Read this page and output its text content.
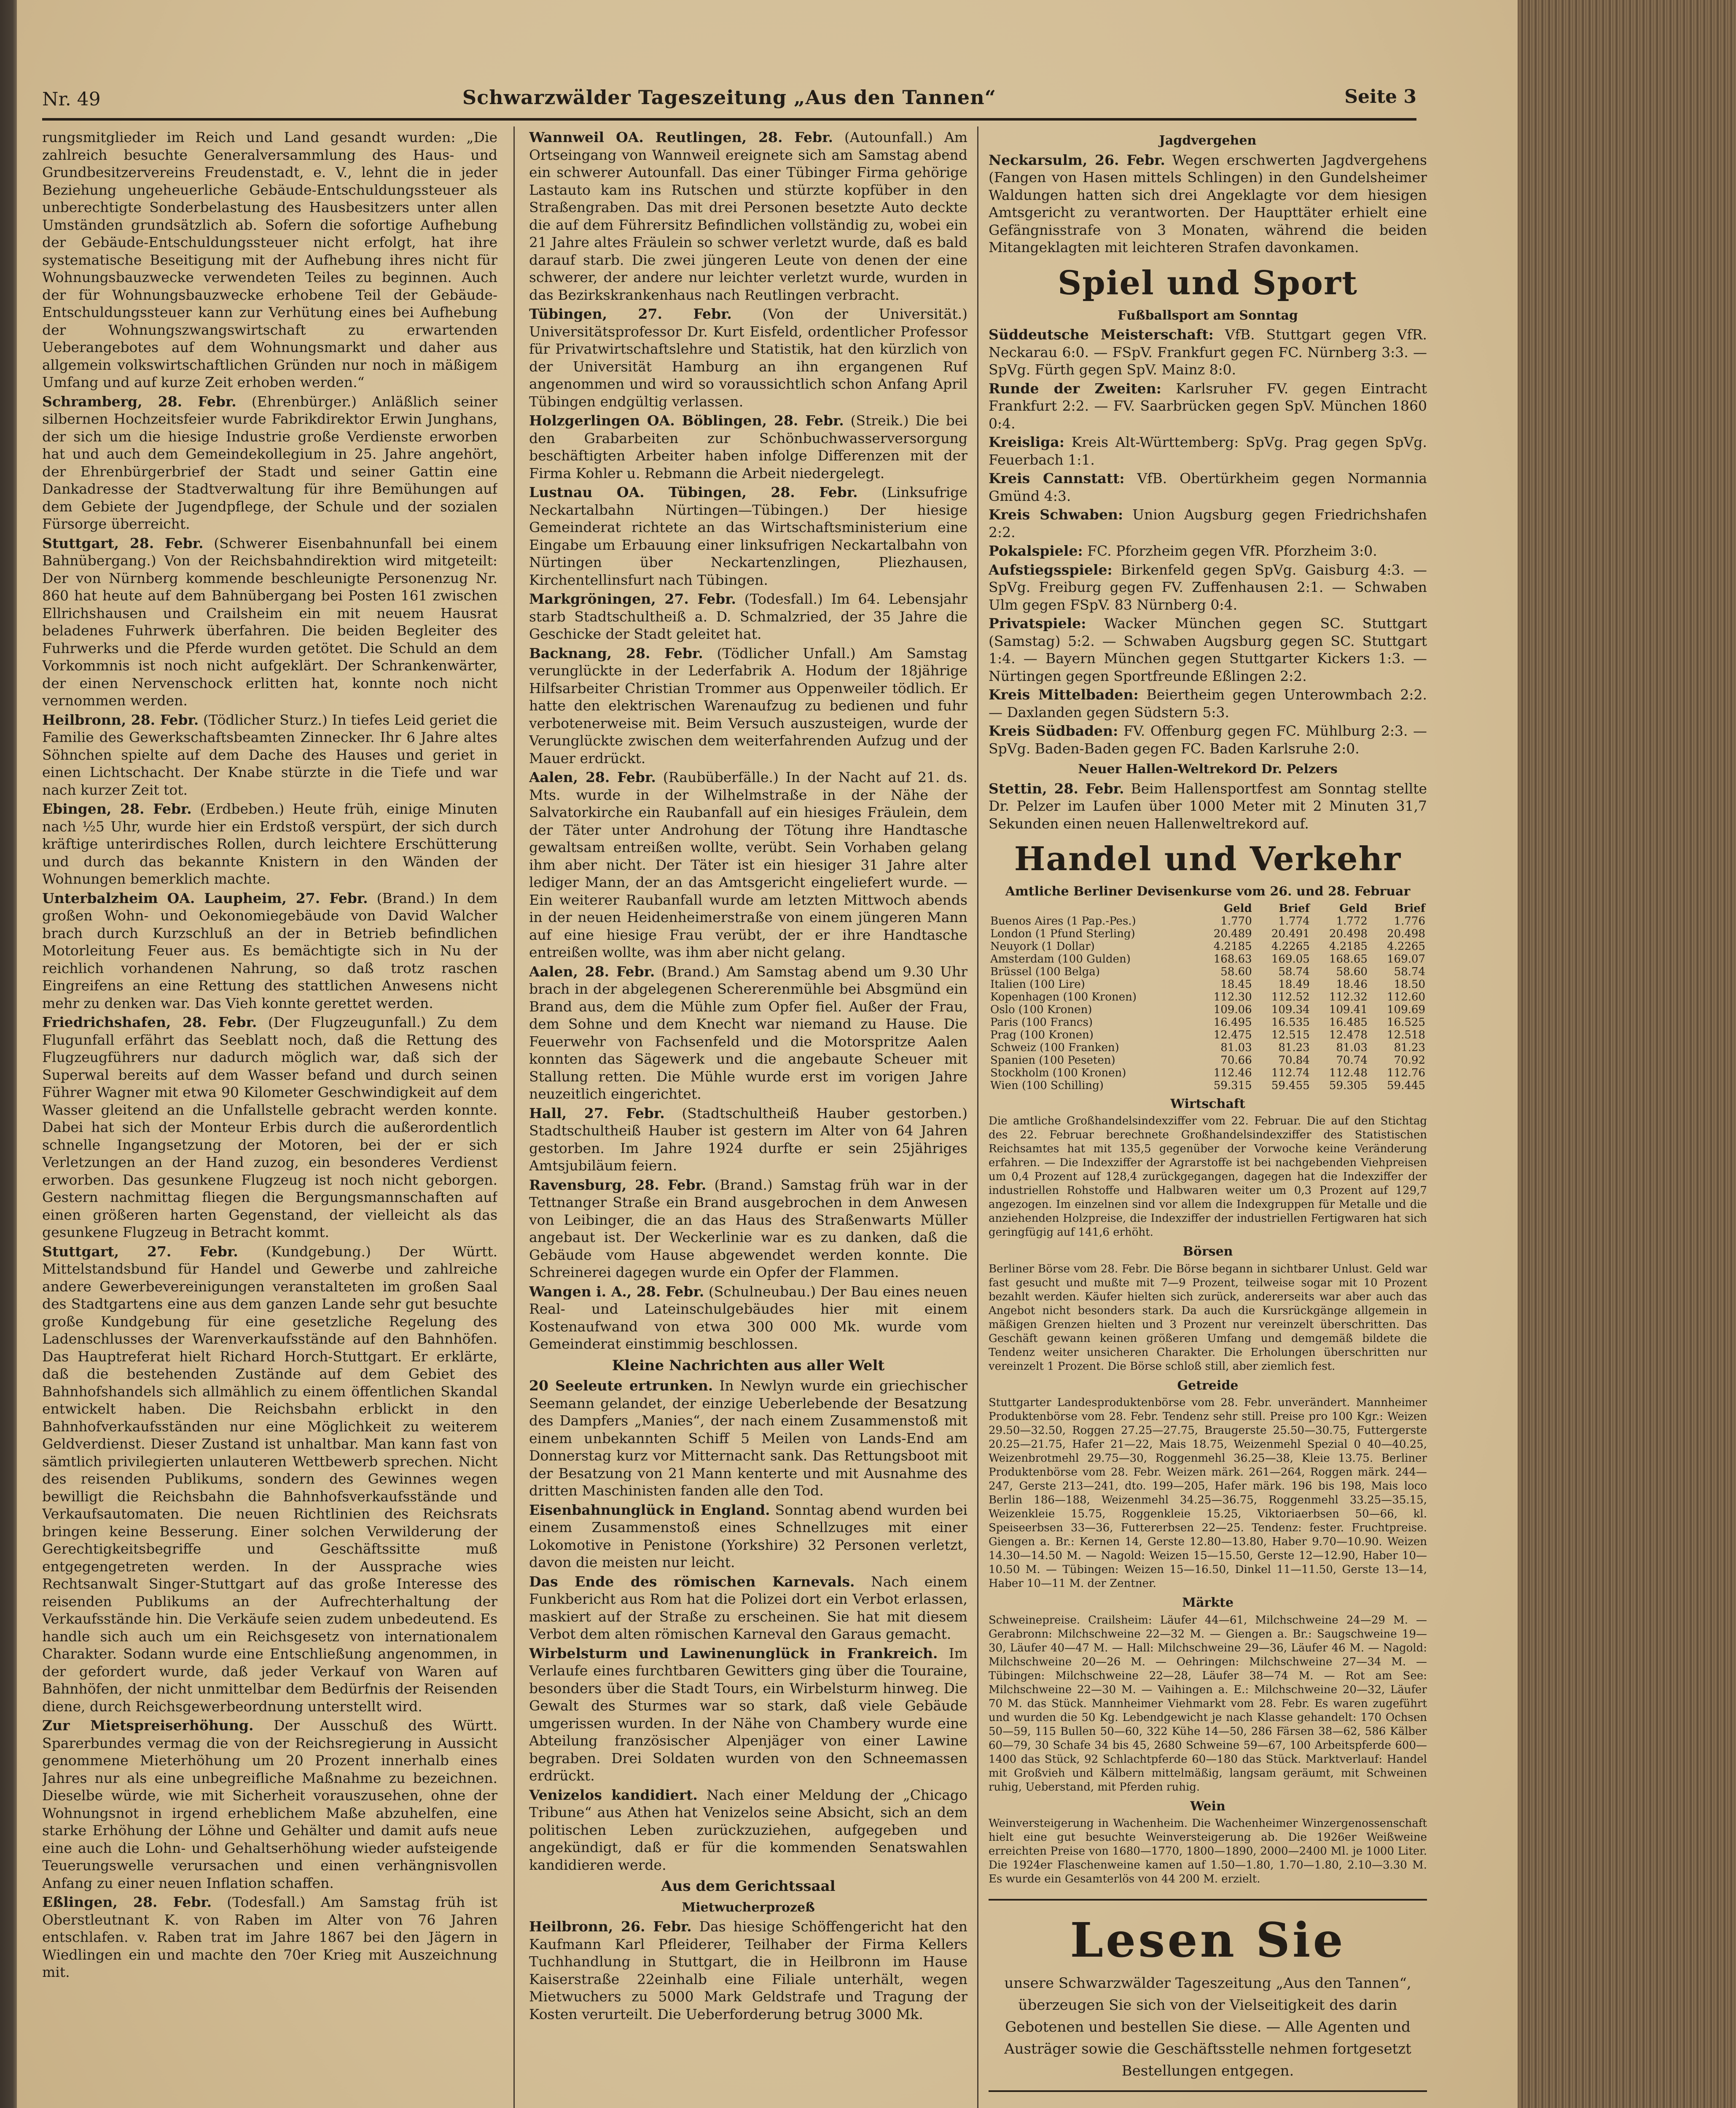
Nr. 49	Schwarzwälder Tageszeitung „Aus den Tannen“	Seite 3

rungsmitglieder im Reich und Land gesandt wurden: „Die zahlreich besuchte Generalversammlung des Haus- und Grundbesitzervereins Freudenstadt, e. V., lehnt die in jeder Beziehung ungeheuerliche Gebäude-Entschuldungssteuer als unberechtigte Sonderbelastung des Hausbesitzers unter allen Umständen grundsätzlich ab. Sofern die sofortige Aufhebung der Gebäude-Entschuldungssteuer nicht erfolgt, hat ihre systematische Beseitigung mit der Aufhebung ihres nicht für Wohnungsbauzwecke verwendeten Teiles zu beginnen. Auch der für Wohnungsbauzwecke erhobene Teil der Gebäude-Entschuldungssteuer kann zur Verhütung eines bei Aufhebung der Wohnungszwangswirtschaft zu erwartenden Ueberangebotes auf dem Wohnungsmarkt und daher aus allgemein volkswirtschaftlichen Gründen nur noch in mäßigem Umfang und auf kurze Zeit erhoben werden.“

Schramberg, 28. Febr. (Ehrenbürger.) Anläßlich seiner silbernen Hochzeitsfeier wurde Fabrikdirektor Erwin Junghans, der sich um die hiesige Industrie große Verdienste erworben hat und auch dem Gemeindekollegium in 25. Jahre angehört, der Ehrenbürgerbrief der Stadt und seiner Gattin eine Dankadresse der Stadtverwaltung für ihre Bemühungen auf dem Gebiete der Jugendpflege, der Schule und der sozialen Fürsorge überreicht.

Stuttgart, 28. Febr. (Schwerer Eisenbahnunfall bei einem Bahnübergang.) Von der Reichsbahndirektion wird mitgeteilt: Der von Nürnberg kommende beschleunigte Personenzug Nr. 860 hat heute auf dem Bahnübergang bei Posten 161 zwischen Ellrichshausen und Crailsheim ein mit neuem Hausrat beladenes Fuhrwerk überfahren. Die beiden Begleiter des Fuhrwerks und die Pferde wurden getötet. Die Schuld an dem Vorkommnis ist noch nicht aufgeklärt. Der Schrankenwärter, der einen Nervenschock erlitten hat, konnte noch nicht vernommen werden.

Heilbronn, 28. Febr. (Tödlicher Sturz.) In tiefes Leid geriet die Familie des Gewerkschaftsbeamten Zinnecker. Ihr 6 Jahre altes Söhnchen spielte auf dem Dache des Hauses und geriet in einen Lichtschacht. Der Knabe stürzte in die Tiefe und war nach kurzer Zeit tot.

Ebingen, 28. Febr. (Erdbeben.) Heute früh, einige Minuten nach ½5 Uhr, wurde hier ein Erdstoß verspürt, der sich durch kräftige unterirdisches Rollen, durch leichtere Erschütterung und durch das bekannte Knistern in den Wänden der Wohnungen bemerklich machte.

Unterbalzheim OA. Laupheim, 27. Febr. (Brand.) In dem großen Wohn- und Oekonomiegebäude von David Walcher brach durch Kurzschluß an der in Betrieb befindlichen Motorleitung Feuer aus. Es bemächtigte sich in Nu der reichlich vorhandenen Nahrung, so daß trotz raschen Eingreifens an eine Rettung des stattlichen Anwesens nicht mehr zu denken war. Das Vieh konnte gerettet werden.

Friedrichshafen, 28. Febr. (Der Flugzeugunfall.) Zu dem Flugunfall erfährt das Seeblatt noch, daß die Rettung des Flugzeugführers nur dadurch möglich war, daß sich der Superwal bereits auf dem Wasser befand und durch seinen Führer Wagner mit etwa 90 Kilometer Geschwindigkeit auf dem Wasser gleitend an die Unfallstelle gebracht werden konnte. Dabei hat sich der Monteur Erbis durch die außerordentlich schnelle Ingangsetzung der Motoren, bei der er sich Verletzungen an der Hand zuzog, ein besonderes Verdienst erworben. Das gesunkene Flugzeug ist noch nicht geborgen. Gestern nachmittag fliegen die Bergungsmannschaften auf einen größeren harten Gegenstand, der vielleicht als das gesunkene Flugzeug in Betracht kommt.

Stuttgart, 27. Febr. (Kundgebung.) Der Württ. Mittelstandsbund für Handel und Gewerbe und zahlreiche andere Gewerbevereinigungen veranstalteten im großen Saal des Stadtgartens eine aus dem ganzen Lande sehr gut besuchte große Kundgebung für eine gesetzliche Regelung des Ladenschlusses der Warenverkaufsstände auf den Bahnhöfen. Das Hauptreferat hielt Richard Horch-Stuttgart. Er erklärte, daß die bestehenden Zustände auf dem Gebiet des Bahnhofshandels sich allmählich zu einem öffentlichen Skandal entwickelt haben. Die Reichsbahn erblickt in den Bahnhofverkaufsständen nur eine Möglichkeit zu weiterem Geldverdienst. Dieser Zustand ist unhaltbar. Man kann fast von sämtlich privilegierten unlauteren Wettbewerb sprechen. Nicht des reisenden Publikums, sondern des Gewinnes wegen bewilligt die Reichsbahn die Bahnhofsverkaufsstände und Verkaufsautomaten. Die neuen Richtlinien des Reichsrats bringen keine Besserung. Einer solchen Verwilderung der Gerechtigkeitsbegriffe und Geschäftssitte muß entgegengetreten werden. In der Aussprache wies Rechtsanwalt Singer-Stuttgart auf das große Interesse des reisenden Publikums an der Aufrechterhaltung der Verkaufsstände hin. Die Verkäufe seien zudem unbedeutend. Es handle sich auch um ein Reichsgesetz von internationalem Charakter. Sodann wurde eine Entschließung angenommen, in der gefordert wurde, daß jeder Verkauf von Waren auf Bahnhöfen, der nicht unmittelbar dem Bedürfnis der Reisenden diene, durch Reichsgewerbeordnung unterstellt wird.

Zur Mietspreiserhöhung. Der Ausschuß des Württ. Sparerbundes vermag die von der Reichsregierung in Aussicht genommene Mieterhöhung um 20 Prozent innerhalb eines Jahres nur als eine unbegreifliche Maßnahme zu bezeichnen. Dieselbe würde, wie mit Sicherheit vorauszusehen, ohne der Wohnungsnot in irgend erheblichem Maße abzuhelfen, eine starke Erhöhung der Löhne und Gehälter und damit aufs neue eine auch die Lohn- und Gehaltserhöhung wieder aufsteigende Teuerungswelle verursachen und einen verhängnisvollen Anfang zu einer neuen Inflation schaffen.

Eßlingen, 28. Febr. (Todesfall.) Am Samstag früh ist Oberstleutnant K. von Raben im Alter von 76 Jahren entschlafen. v. Raben trat im Jahre 1867 bei den Jägern in Wiedlingen ein und machte den 70er Krieg mit Auszeichnung mit.

Wannweil OA. Reutlingen, 28. Febr. (Autounfall.) Am Ortseingang von Wannweil ereignete sich am Samstag abend ein schwerer Autounfall. Das einer Tübinger Firma gehörige Lastauto kam ins Rutschen und stürzte kopfüber in den Straßengraben. Das mit drei Personen besetzte Auto deckte die auf dem Führersitz Befindlichen vollständig zu, wobei ein 21 Jahre altes Fräulein so schwer verletzt wurde, daß es bald darauf starb. Die zwei jüngeren Leute von denen der eine schwerer, der andere nur leichter verletzt wurde, wurden in das Bezirkskrankenhaus nach Reutlingen verbracht.

Tübingen, 27. Febr. (Von der Universität.) Universitätsprofessor Dr. Kurt Eisfeld, ordentlicher Professor für Privatwirtschaftslehre und Statistik, hat den kürzlich von der Universität Hamburg an ihn ergangenen Ruf angenommen und wird so voraussichtlich schon Anfang April Tübingen endgültig verlassen.

Holzgerlingen OA. Böblingen, 28. Febr. (Streik.) Die bei den Grabarbeiten zur Schönbuchwasserversorgung beschäftigten Arbeiter haben infolge Differenzen mit der Firma Kohler u. Rebmann die Arbeit niedergelegt.

Lustnau OA. Tübingen, 28. Febr. (Linksufrige Neckartalbahn Nürtingen—Tübingen.) Der hiesige Gemeinderat richtete an das Wirtschaftsministerium eine Eingabe um Erbauung einer linksufrigen Neckartalbahn von Nürtingen über Neckartenzlingen, Pliezhausen, Kirchentellinsfurt nach Tübingen.

Markgröningen, 27. Febr. (Todesfall.) Im 64. Lebensjahr starb Stadtschultheiß a. D. Schmalzried, der 35 Jahre die Geschicke der Stadt geleitet hat.

Backnang, 28. Febr. (Tödlicher Unfall.) Am Samstag verunglückte in der Lederfabrik A. Hodum der 18jährige Hilfsarbeiter Christian Trommer aus Oppenweiler tödlich. Er hatte den elektrischen Warenaufzug zu bedienen und fuhr verbotenerweise mit. Beim Versuch auszusteigen, wurde der Verunglückte zwischen dem weiterfahrenden Aufzug und der Mauer erdrückt.

Aalen, 28. Febr. (Raubüberfälle.) In der Nacht auf 21. ds. Mts. wurde in der Wilhelmstraße in der Nähe der Salvatorkirche ein Raubanfall auf ein hiesiges Fräulein, dem der Täter unter Androhung der Tötung ihre Handtasche gewaltsam entreißen wollte, verübt. Sein Vorhaben gelang ihm aber nicht. Der Täter ist ein hiesiger 31 Jahre alter lediger Mann, der an das Amtsgericht eingeliefert wurde. — Ein weiterer Raubanfall wurde am letzten Mittwoch abends in der neuen Heidenheimerstraße von einem jüngeren Mann auf eine hiesige Frau verübt, der er ihre Handtasche entreißen wollte, was ihm aber nicht gelang.

Aalen, 28. Febr. (Brand.) Am Samstag abend um 9.30 Uhr brach in der abgelegenen Schererenmühle bei Absgmünd ein Brand aus, dem die Mühle zum Opfer fiel. Außer der Frau, dem Sohne und dem Knecht war niemand zu Hause. Die Feuerwehr von Fachsenfeld und die Motorspritze Aalen konnten das Sägewerk und die angebaute Scheuer mit Stallung retten. Die Mühle wurde erst im vorigen Jahre neuzeitlich eingerichtet.

Hall, 27. Febr. (Stadtschultheiß Hauber gestorben.) Stadtschultheiß Hauber ist gestern im Alter von 64 Jahren gestorben. Im Jahre 1924 durfte er sein 25jähriges Amtsjubiläum feiern.

Ravensburg, 28. Febr. (Brand.) Samstag früh war in der Tettnanger Straße ein Brand ausgebrochen in dem Anwesen von Leibinger, die an das Haus des Straßenwarts Müller angebaut ist. Der Weckerlinie war es zu danken, daß die Gebäude vom Hause abgewendet werden konnte. Die Schreinerei dagegen wurde ein Opfer der Flammen.

Wangen i. A., 28. Febr. (Schulneubau.) Der Bau eines neuen Real- und Lateinschulgebäudes hier mit einem Kostenaufwand von etwa 300 000 Mk. wurde vom Gemeinderat einstimmig beschlossen.

Kleine Nachrichten aus aller Welt

20 Seeleute ertrunken. In Newlyn wurde ein griechischer Seemann gelandet, der einzige Ueberlebende der Besatzung des Dampfers „Manies“, der nach einem Zusammenstoß mit einem unbekannten Schiff 5 Meilen von Lands-End am Donnerstag kurz vor Mitternacht sank. Das Rettungsboot mit der Besatzung von 21 Mann kenterte und mit Ausnahme des dritten Maschinisten fanden alle den Tod.

Eisenbahnunglück in England. Sonntag abend wurden bei einem Zusammenstoß eines Schnellzuges mit einer Lokomotive in Penistone (Yorkshire) 32 Personen verletzt, davon die meisten nur leicht.

Das Ende des römischen Karnevals. Nach einem Funkbericht aus Rom hat die Polizei dort ein Verbot erlassen, maskiert auf der Straße zu erscheinen. Sie hat mit diesem Verbot dem alten römischen Karneval den Garaus gemacht.

Wirbelsturm und Lawinenunglück in Frankreich. Im Verlaufe eines furchtbaren Gewitters ging über die Touraine, besonders über die Stadt Tours, ein Wirbelsturm hinweg. Die Gewalt des Sturmes war so stark, daß viele Gebäude umgerissen wurden. In der Nähe von Chambery wurde eine Abteilung französischer Alpenjäger von einer Lawine begraben. Drei Soldaten wurden von den Schneemassen erdrückt.

Venizelos kandidiert. Nach einer Meldung der „Chicago Tribune“ aus Athen hat Venizelos seine Absicht, sich an dem politischen Leben zurückzuziehen, aufgegeben und angekündigt, daß er für die kommenden Senatswahlen kandidieren werde.

Aus dem Gerichtssaal
Mietwucherprozeß

Heilbronn, 26. Febr. Das hiesige Schöffengericht hat den Kaufmann Karl Pfleiderer, Teilhaber der Firma Kellers Tuchhandlung in Stuttgart, die in Heilbronn im Hause Kaiserstraße 22einhalb eine Filiale unterhält, wegen Mietwuchers zu 5000 Mark Geldstrafe und Tragung der Kosten verurteilt. Die Ueberforderung betrug 3000 Mk.

Jagdvergehen

Neckarsulm, 26. Febr. Wegen erschwerten Jagdvergehens (Fangen von Hasen mittels Schlingen) in den Gundelsheimer Waldungen hatten sich drei Angeklagte vor dem hiesigen Amtsgericht zu verantworten. Der Haupttäter erhielt eine Gefängnisstrafe von 3 Monaten, während die beiden Mitangeklagten mit leichteren Strafen davonkamen.

Spiel und Sport
Fußballsport am Sonntag

Süddeutsche Meisterschaft: VfB. Stuttgart gegen VfR. Neckarau 6:0. — FSpV. Frankfurt gegen FC. Nürnberg 3:3. — SpVg. Fürth gegen SpV. Mainz 8:0.

Runde der Zweiten: Karlsruher FV. gegen Eintracht Frankfurt 2:2. — FV. Saarbrücken gegen SpV. München 1860 0:4.

Kreisliga: Kreis Alt-Württemberg: SpVg. Prag gegen SpVg. Feuerbach 1:1.

Kreis Cannstatt: VfB. Obertürkheim gegen Normannia Gmünd 4:3.

Kreis Schwaben: Union Augsburg gegen Friedrichshafen 2:2.

Pokalspiele: FC. Pforzheim gegen VfR. Pforzheim 3:0.

Aufstiegsspiele: Birkenfeld gegen SpVg. Gaisburg 4:3. — SpVg. Freiburg gegen FV. Zuffenhausen 2:1. — Schwaben Ulm gegen FSpV. 83 Nürnberg 0:4.

Privatspiele: Wacker München gegen SC. Stuttgart (Samstag) 5:2. — Schwaben Augsburg gegen SC. Stuttgart 1:4. — Bayern München gegen Stuttgarter Kickers 1:3. — Nürtingen gegen Sportfreunde Eßlingen 2:2.

Kreis Mittelbaden: Beiertheim gegen Unterowmbach 2:2. — Daxlanden gegen Südstern 5:3.

Kreis Südbaden: FV. Offenburg gegen FC. Mühlburg 2:3. — SpVg. Baden-Baden gegen FC. Baden Karlsruhe 2:0.

Neuer Hallen-Weltrekord Dr. Pelzers

Stettin, 28. Febr. Beim Hallensportfest am Sonntag stellte Dr. Pelzer im Laufen über 1000 Meter mit 2 Minuten 31,7 Sekunden einen neuen Hallenweltrekord auf.

Handel und Verkehr
Amtliche Berliner Devisenkurse vom 26. und 28. Februar
	Geld	Brief	Geld	Brief
Buenos Aires (1 Pap.-Pes.)	1.770	1.774	1.772	1.776
London (1 Pfund Sterling)	20.489	20.491	20.498	20.498
Neuyork (1 Dollar)	4.2185	4.2265	4.2185	4.2265
Amsterdam (100 Gulden)	168.63	169.05	168.65	169.07
Brüssel (100 Belga)	58.60	58.74	58.60	58.74
Italien (100 Lire)	18.45	18.49	18.46	18.50
Kopenhagen (100 Kronen)	112.30	112.52	112.32	112.60
Oslo (100 Kronen)	109.06	109.34	109.41	109.69
Paris (100 Francs)	16.495	16.535	16.485	16.525
Prag (100 Kronen)	12.475	12.515	12.478	12.518
Schweiz (100 Franken)	81.03	81.23	81.03	81.23
Spanien (100 Peseten)	70.66	70.84	70.74	70.92
Stockholm (100 Kronen)	112.46	112.74	112.48	112.76
Wien (100 Schilling)	59.315	59.455	59.305	59.445
Wirtschaft

Die amtliche Großhandelsindexziffer vom 22. Februar. Die auf den Stichtag des 22. Februar berechnete Großhandelsindexziffer des Statistischen Reichsamtes hat mit 135,5 gegenüber der Vorwoche keine Veränderung erfahren. — Die Indexziffer der Agrarstoffe ist bei nachgebenden Viehpreisen um 0,4 Prozent auf 128,4 zurückgegangen, dagegen hat die Indexziffer der industriellen Rohstoffe und Halbwaren weiter um 0,3 Prozent auf 129,7 angezogen. Im einzelnen sind vor allem die Indexgruppen für Metalle und die anziehenden Holzpreise, die Indexziffer der industriellen Fertigwaren hat sich geringfügig auf 141,6 erhöht.

Börsen

Berliner Börse vom 28. Febr. Die Börse begann in sichtbarer Unlust. Geld war fast gesucht und mußte mit 7—9 Prozent, teilweise sogar mit 10 Prozent bezahlt werden. Käufer hielten sich zurück, andererseits war aber auch das Angebot nicht besonders stark. Da auch die Kursrückgänge allgemein in mäßigen Grenzen hielten und 3 Prozent nur vereinzelt überschritten. Das Geschäft gewann keinen größeren Umfang und demgemäß bildete die Tendenz weiter unsicheren Charakter. Die Erholungen überschritten nur vereinzelt 1 Prozent. Die Börse schloß still, aber ziemlich fest.

Getreide

Stuttgarter Landesproduktenbörse vom 28. Febr. unverändert. Mannheimer Produktenbörse vom 28. Febr. Tendenz sehr still. Preise pro 100 Kgr.: Weizen 29.50—32.50, Roggen 27.25—27.75, Braugerste 25.50—30.75, Futtergerste 20.25—21.75, Hafer 21—22, Mais 18.75, Weizenmehl Spezial 0 40—40.25, Weizenbrotmehl 29.75—30, Roggenmehl 36.25—38, Kleie 13.75. Berliner Produktenbörse vom 28. Febr. Weizen märk. 261—264, Roggen märk. 244—247, Gerste 213—241, dto. 199—205, Hafer märk. 196 bis 198, Mais loco Berlin 186—188, Weizenmehl 34.25—36.75, Roggenmehl 33.25—35.15, Weizenkleie 15.75, Roggenkleie 15.25, Viktoriaerbsen 50—66, kl. Speiseerbsen 33—36, Futtererbsen 22—25. Tendenz: fester. Fruchtpreise. Giengen a. Br.: Kernen 14, Gerste 12.80—13.80, Haber 9.70—10.90. Weizen 14.30—14.50 M. — Nagold: Weizen 15—15.50, Gerste 12—12.90, Haber 10—10.50 M. — Tübingen: Weizen 15—16.50, Dinkel 11—11.50, Gerste 13—14, Haber 10—11 M. der Zentner.

Märkte

Schweinepreise. Crailsheim: Läufer 44—61, Milchschweine 24—29 M. — Gerabronn: Milchschweine 22—32 M. — Giengen a. Br.: Saugschweine 19—30, Läufer 40—47 M. — Hall: Milchschweine 29—36, Läufer 46 M. — Nagold: Milchschweine 20—26 M. — Oehringen: Milchschweine 27—34 M. — Tübingen: Milchschweine 22—28, Läufer 38—74 M. — Rot am See: Milchschweine 22—30 M. — Vaihingen a. E.: Milchschweine 20—32, Läufer 70 M. das Stück. Mannheimer Viehmarkt vom 28. Febr. Es waren zugeführt und wurden die 50 Kg. Lebendgewicht je nach Klasse gehandelt: 170 Ochsen 50—59, 115 Bullen 50—60, 322 Kühe 14—50, 286 Färsen 38—62, 586 Kälber 60—79, 30 Schafe 34 bis 45, 2680 Schweine 59—67, 100 Arbeitspferde 600—1400 das Stück, 92 Schlachtpferde 60—180 das Stück. Marktverlauf: Handel mit Großvieh und Kälbern mittelmäßig, langsam geräumt, mit Schweinen ruhig, Ueberstand, mit Pferden ruhig.

Wein

Weinversteigerung in Wachenheim. Die Wachenheimer Winzergenossenschaft hielt eine gut besuchte Weinversteigerung ab. Die 1926er Weißweine erreichten Preise von 1680—1770, 1800—1890, 2000—2400 Ml. je 1000 Liter. Die 1924er Flaschenweine kamen auf 1.50—1.80, 1.70—1.80, 2.10—3.30 M. Es wurde ein Gesamterlös von 44 200 M. erzielt.

Lesen Sie
unsere Schwarzwälder Tageszeitung „Aus den Tannen“, überzeugen Sie sich von der Vielseitigkeit des darin Gebotenen und bestellen Sie diese. — Alle Agenten und Austräger sowie die Geschäftsstelle nehmen fortgesetzt Bestellungen entgegen.
